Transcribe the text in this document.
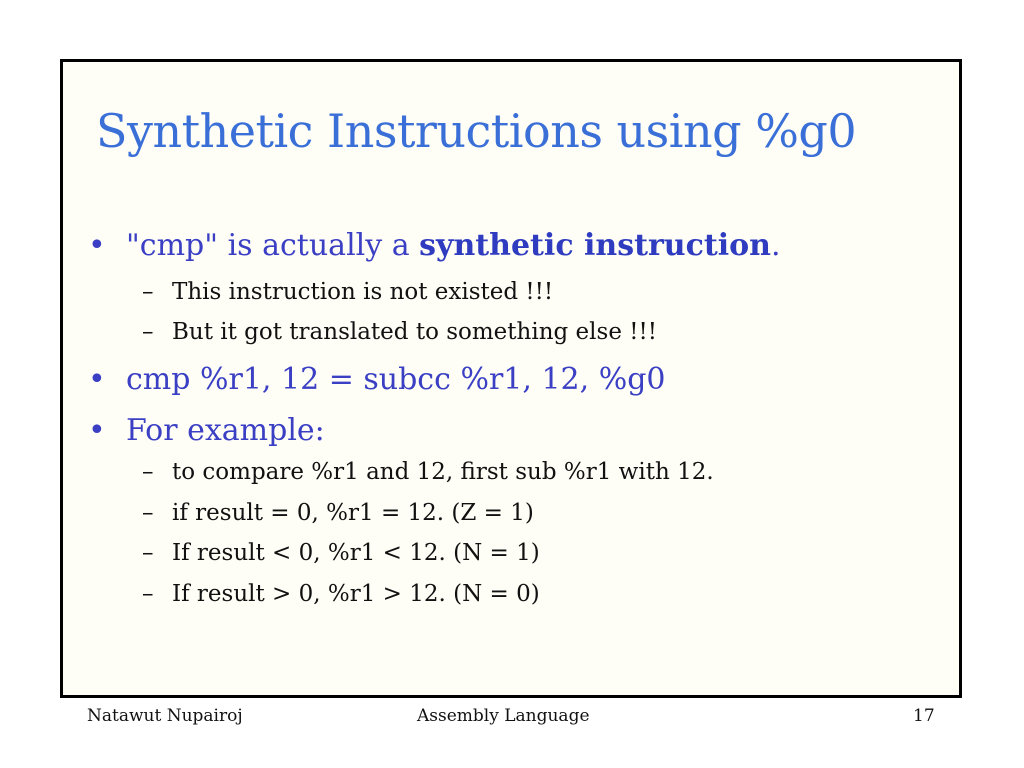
Synthetic Instructions using %g0
• "cmp" is actually a synthetic instruction.
– This instruction is not existed !!!
– But it got translated to something else !!!
• cmp %r1, 12 = subcc %r1, 12, %g0
• For example:
– to compare %r1 and 12, first sub %r1 with 12.
– if result = 0, %r1 = 12. (Z = 1)
– If result < 0, %r1 < 12. (N = 1)
– If result > 0, %r1 > 12. (N = 0)
Natawut Nupairoj	Assembly Language	17
